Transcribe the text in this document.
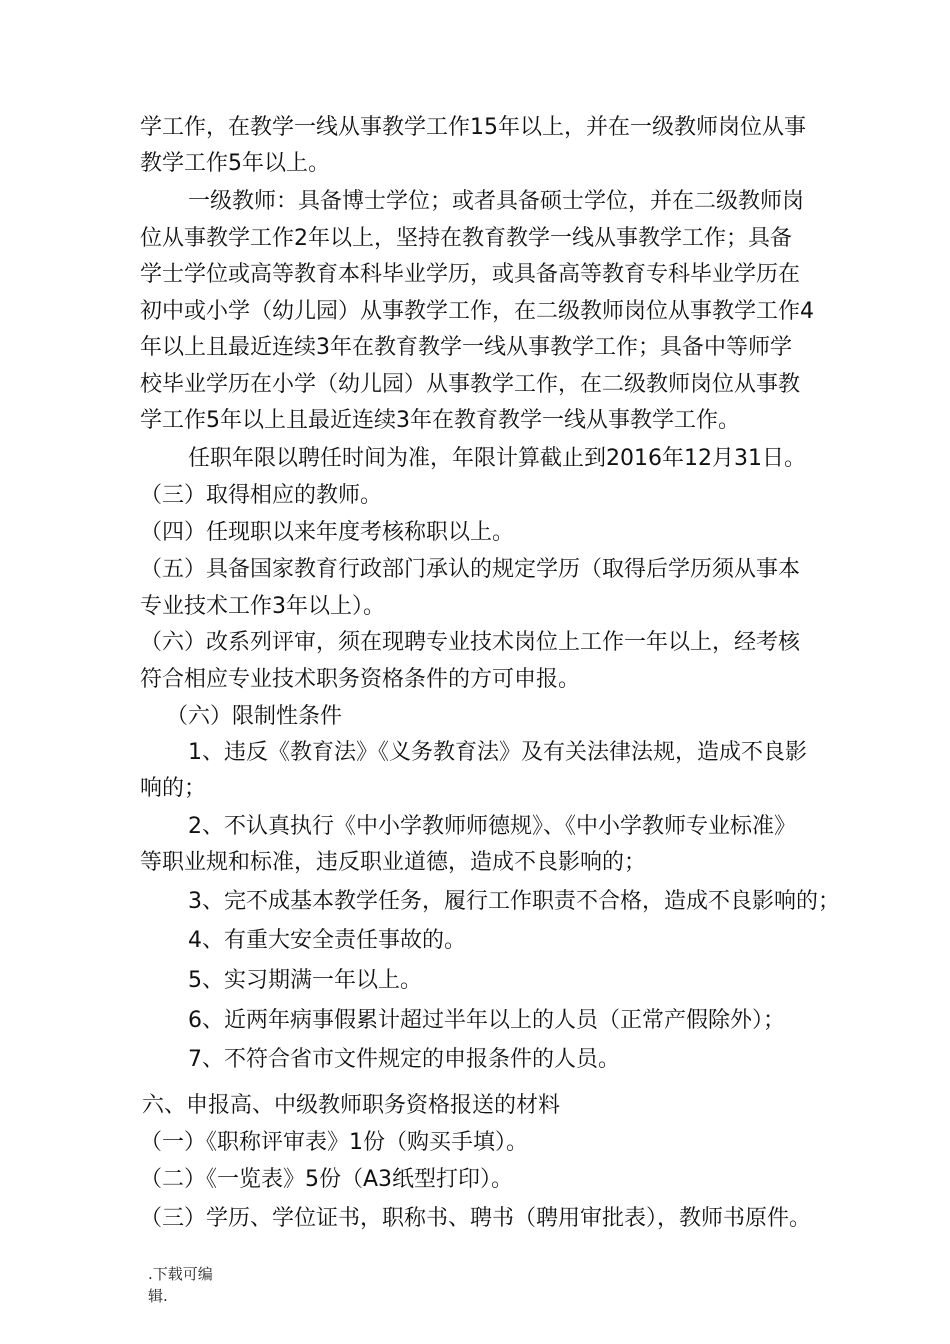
学工作，在教学一线从事教学工作15年以上，并在一级教师岗位从事
教学工作5年以上。
一级教师：具备博士学位；或者具备硕士学位，并在二级教师岗
位从事教学工作2年以上，坚持在教育教学一线从事教学工作；具备
学士学位或高等教育本科毕业学历，或具备高等教育专科毕业学历在
初中或小学（幼儿园）从事教学工作，在二级教师岗位从事教学工作4
年以上且最近连续3年在教育教学一线从事教学工作；具备中等师学
校毕业学历在小学（幼儿园）从事教学工作，在二级教师岗位从事教
学工作5年以上且最近连续3年在教育教学一线从事教学工作。
任职年限以聘任时间为准，年限计算截止到2016年12月31日。
（三）取得相应的教师。
（四）任现职以来年度考核称职以上。
（五）具备国家教育行政部门承认的规定学历（取得后学历须从事本
专业技术工作3年以上）。
（六）改系列评审，须在现聘专业技术岗位上工作一年以上，经考核
符合相应专业技术职务资格条件的方可申报。
（六）限制性条件
1、违反《教育法》《义务教育法》及有关法律法规，造成不良影
响的；
2、不认真执行《中小学教师师德规》、《中小学教师专业标准》
等职业规和标准，违反职业道德，造成不良影响的；
3、完不成基本教学任务，履行工作职责不合格，造成不良影响的；
4、有重大安全责任事故的。
5、实习期满一年以上。
6、近两年病事假累计超过半年以上的人员（正常产假除外）；
7、不符合省市文件规定的申报条件的人员。
六、申报高、中级教师职务资格报送的材料
（一）《职称评审表》1份（购买手填）。
（二）《一览表》5份（A3纸型打印）。
（三）学历、学位证书，职称书、聘书（聘用审批表），教师书原件。
.下载可编
辑.
